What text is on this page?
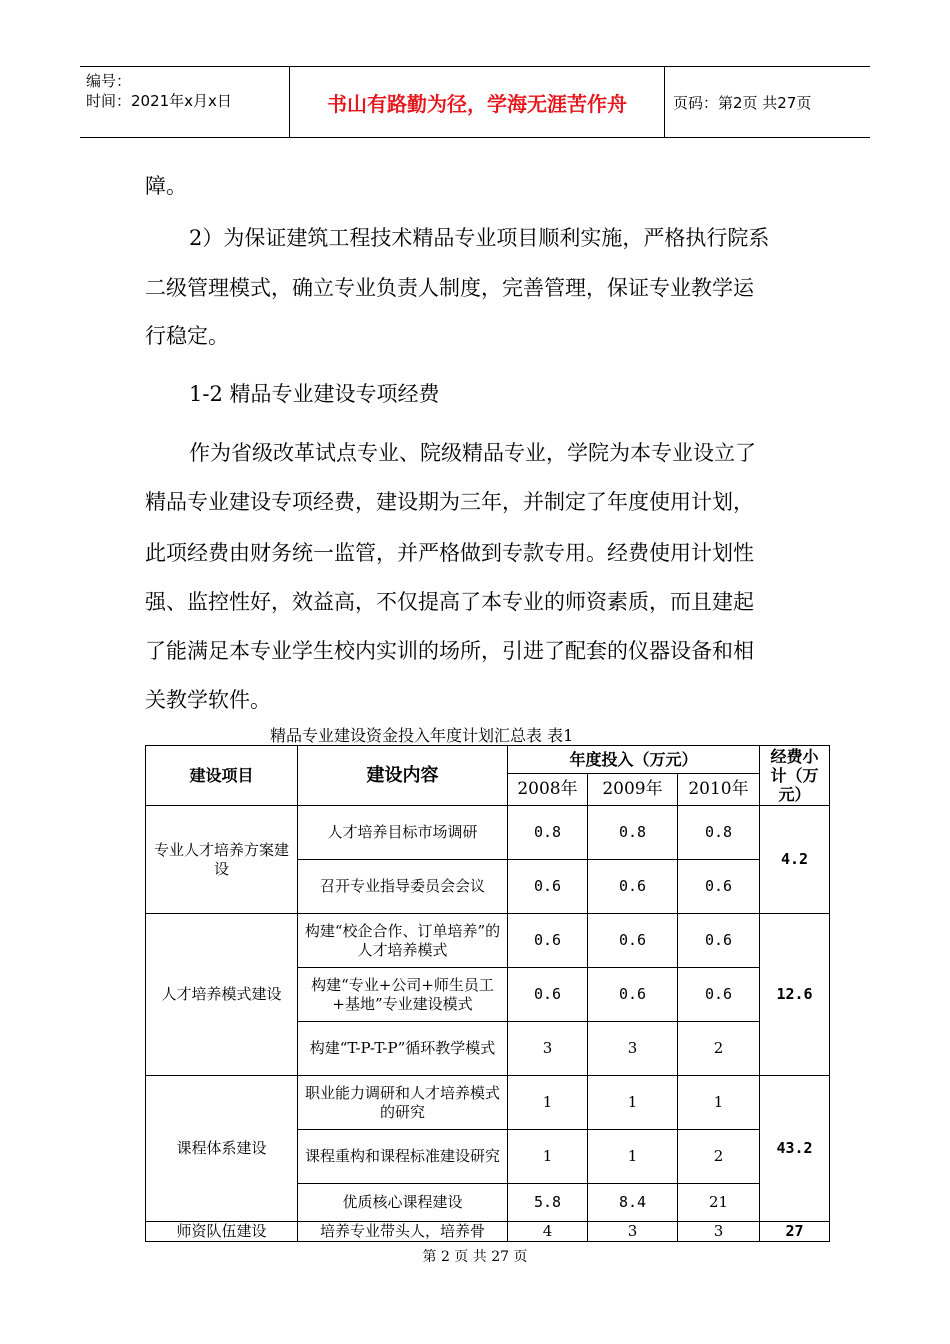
编号：
时间：2021年x月x日	书山有路勤为径，学海无涯苦作舟	页码：第2页 共27页
障。
2）为保证建筑工程技术精品专业项目顺利实施，严格执行院系
二级管理模式，确立专业负责人制度，完善管理，保证专业教学运
行稳定。
1-2 精品专业建设专项经费
作为省级改革试点专业、院级精品专业，学院为本专业设立了
精品专业建设专项经费，建设期为三年，并制定了年度使用计划，
此项经费由财务统一监管，并严格做到专款专用。经费使用计划性
强、监控性好，效益高，不仅提高了本专业的师资素质，而且建起
了能满足本专业学生校内实训的场所，引进了配套的仪器设备和相
关教学软件。
精品专业建设资金投入年度计划汇总表 表1
建设项目	建设内容	年度投入（万元）			经费小计（万元）
		2008年	2009年	2010年	
专业人才培养方案建设	人才培养目标市场调研	0.8	0.8	0.8	4.2
	召开专业指导委员会会议	0.6	0.6	0.6	
人才培养模式建设	构建“校企合作、订单培养”的人才培养模式	0.6	0.6	0.6	12.6
	构建“专业+公司+师生员工+基地”专业建设模式	0.6	0.6	0.6	
	构建“T-P-T-P”循环教学模式	3	3	2	
课程体系建设	职业能力调研和人才培养模式的研究	1	1	1	43.2
	课程重构和课程标准建设研究	1	1	2	
	优质核心课程建设	5.8	8.4	21	
师资队伍建设	培养专业带头人，培养骨	4	3	3	27
第 2 页 共 27 页
